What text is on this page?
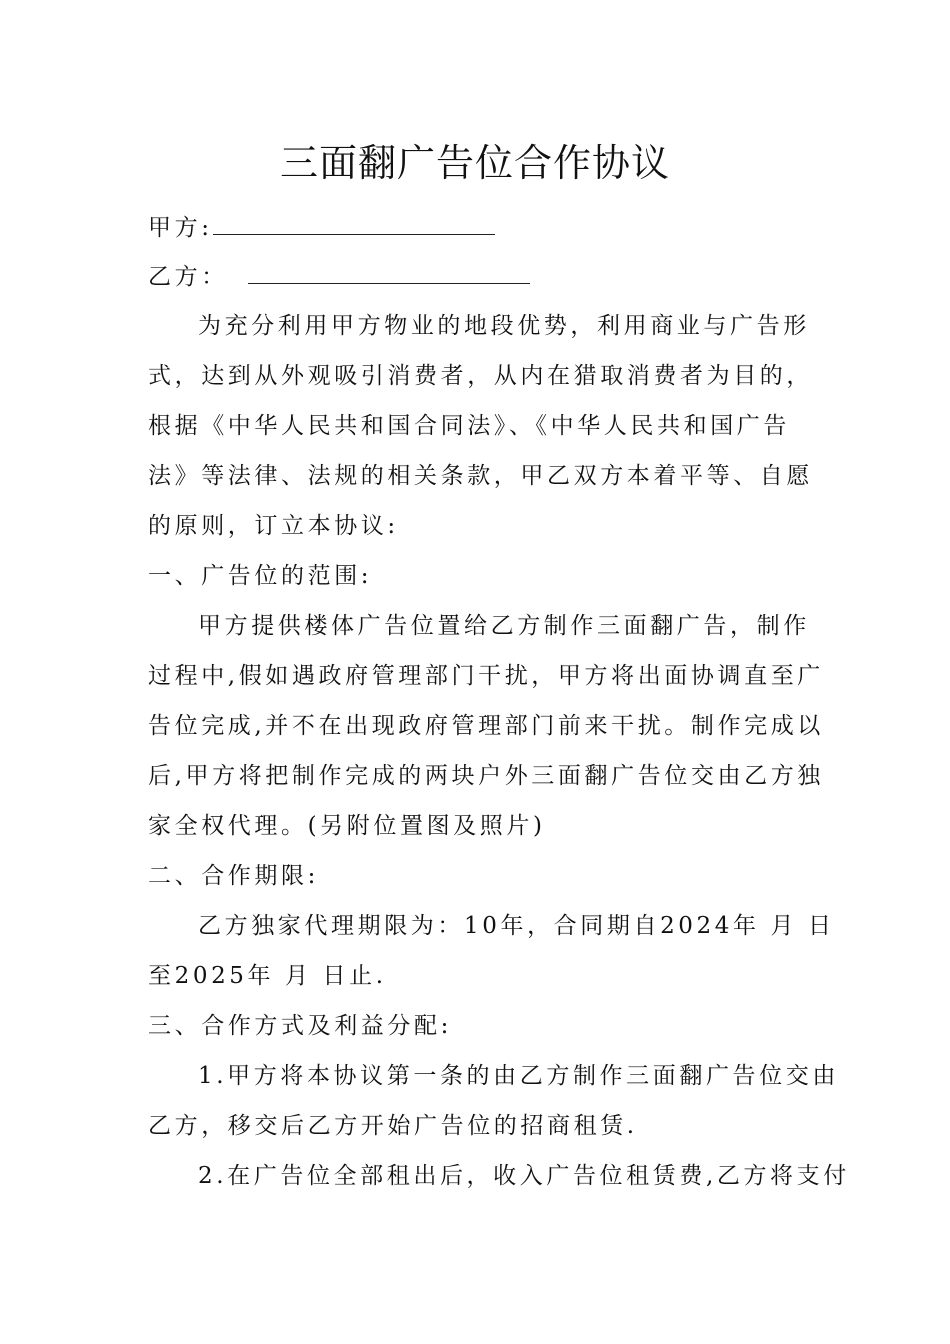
三面翻广告位合作协议
甲方:
乙方：
为充分利用甲方物业的地段优势，利用商业与广告形
式，达到从外观吸引消费者，从内在猎取消费者为目的，
根据《中华人民共和国合同法》、《中华人民共和国广告
法》等法律、法规的相关条款，甲乙双方本着平等、自愿
的原则，订立本协议:
一、广告位的范围:
甲方提供楼体广告位置给乙方制作三面翻广告，制作
过程中,假如遇政府管理部门干扰，甲方将出面协调直至广
告位完成,并不在出现政府管理部门前来干扰。制作完成以
后,甲方将把制作完成的两块户外三面翻广告位交由乙方独
家全权代理。(另附位置图及照片)
二、合作期限:
乙方独家代理期限为：10年，合同期自2024年 月 日
至2025年 月 日止.
三、合作方式及利益分配:
1.甲方将本协议第一条的由乙方制作三面翻广告位交由
乙方，移交后乙方开始广告位的招商租赁.
2.在广告位全部租出后，收入广告位租赁费,乙方将支付
